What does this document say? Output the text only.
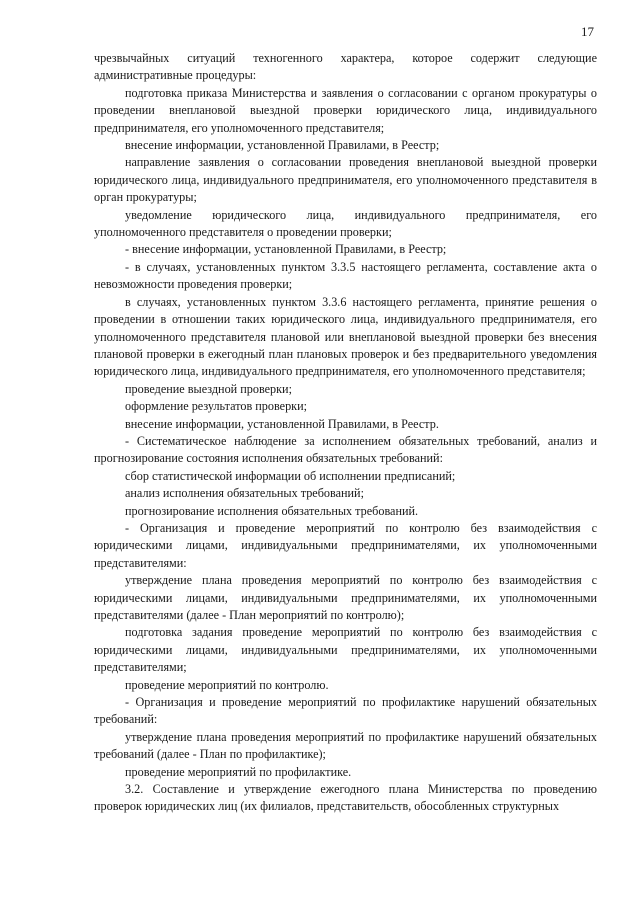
17

чрезвычайных ситуаций техногенного характера, которое содержит следующие административные процедуры:

подготовка приказа Министерства и заявления о согласовании с органом прокуратуры о проведении внеплановой выездной проверки юридического лица, индивидуального предпринимателя, его уполномоченного представителя;

внесение информации, установленной Правилами, в Реестр;

направление заявления о согласовании проведения внеплановой выездной проверки юридического лица, индивидуального предпринимателя, его уполномоченного представителя в орган прокуратуры;

уведомление юридического лица, индивидуального предпринимателя, его уполномоченного представителя о проведении проверки;

- внесение информации, установленной Правилами, в Реестр;

- в случаях, установленных пунктом 3.3.5 настоящего регламента, составление акта о невозможности проведения проверки;

в случаях, установленных пунктом 3.3.6 настоящего регламента, принятие решения о проведении в отношении таких юридического лица, индивидуального предпринимателя, его уполномоченного представителя плановой или внеплановой выездной проверки без внесения плановой проверки в ежегодный план плановых проверок и без предварительного уведомления юридического лица, индивидуального предпринимателя, его уполномоченного представителя;

проведение выездной проверки;

оформление результатов проверки;

внесение информации, установленной Правилами, в Реестр.

- Систематическое наблюдение за исполнением обязательных требований, анализ и прогнозирование состояния исполнения обязательных требований:

сбор статистической информации об исполнении предписаний;

анализ исполнения обязательных требований;

прогнозирование исполнения обязательных требований.

- Организация и проведение мероприятий по контролю без взаимодействия с юридическими лицами, индивидуальными предпринимателями, их уполномоченными представителями:

утверждение плана проведения мероприятий по контролю без взаимодействия с юридическими лицами, индивидуальными предпринимателями, их уполномоченными представителями (далее - План мероприятий по контролю);

подготовка задания проведение мероприятий по контролю без взаимодействия с юридическими лицами, индивидуальными предпринимателями, их уполномоченными представителями;

проведение мероприятий по контролю.

- Организация и проведение мероприятий по профилактике нарушений обязательных требований:

утверждение плана проведения мероприятий по профилактике нарушений обязательных требований (далее - План по профилактике);

проведение мероприятий по профилактике.

3.2. Составление и утверждение ежегодного плана Министерства по проведению проверок юридических лиц (их филиалов, представительств, обособленных структурных
